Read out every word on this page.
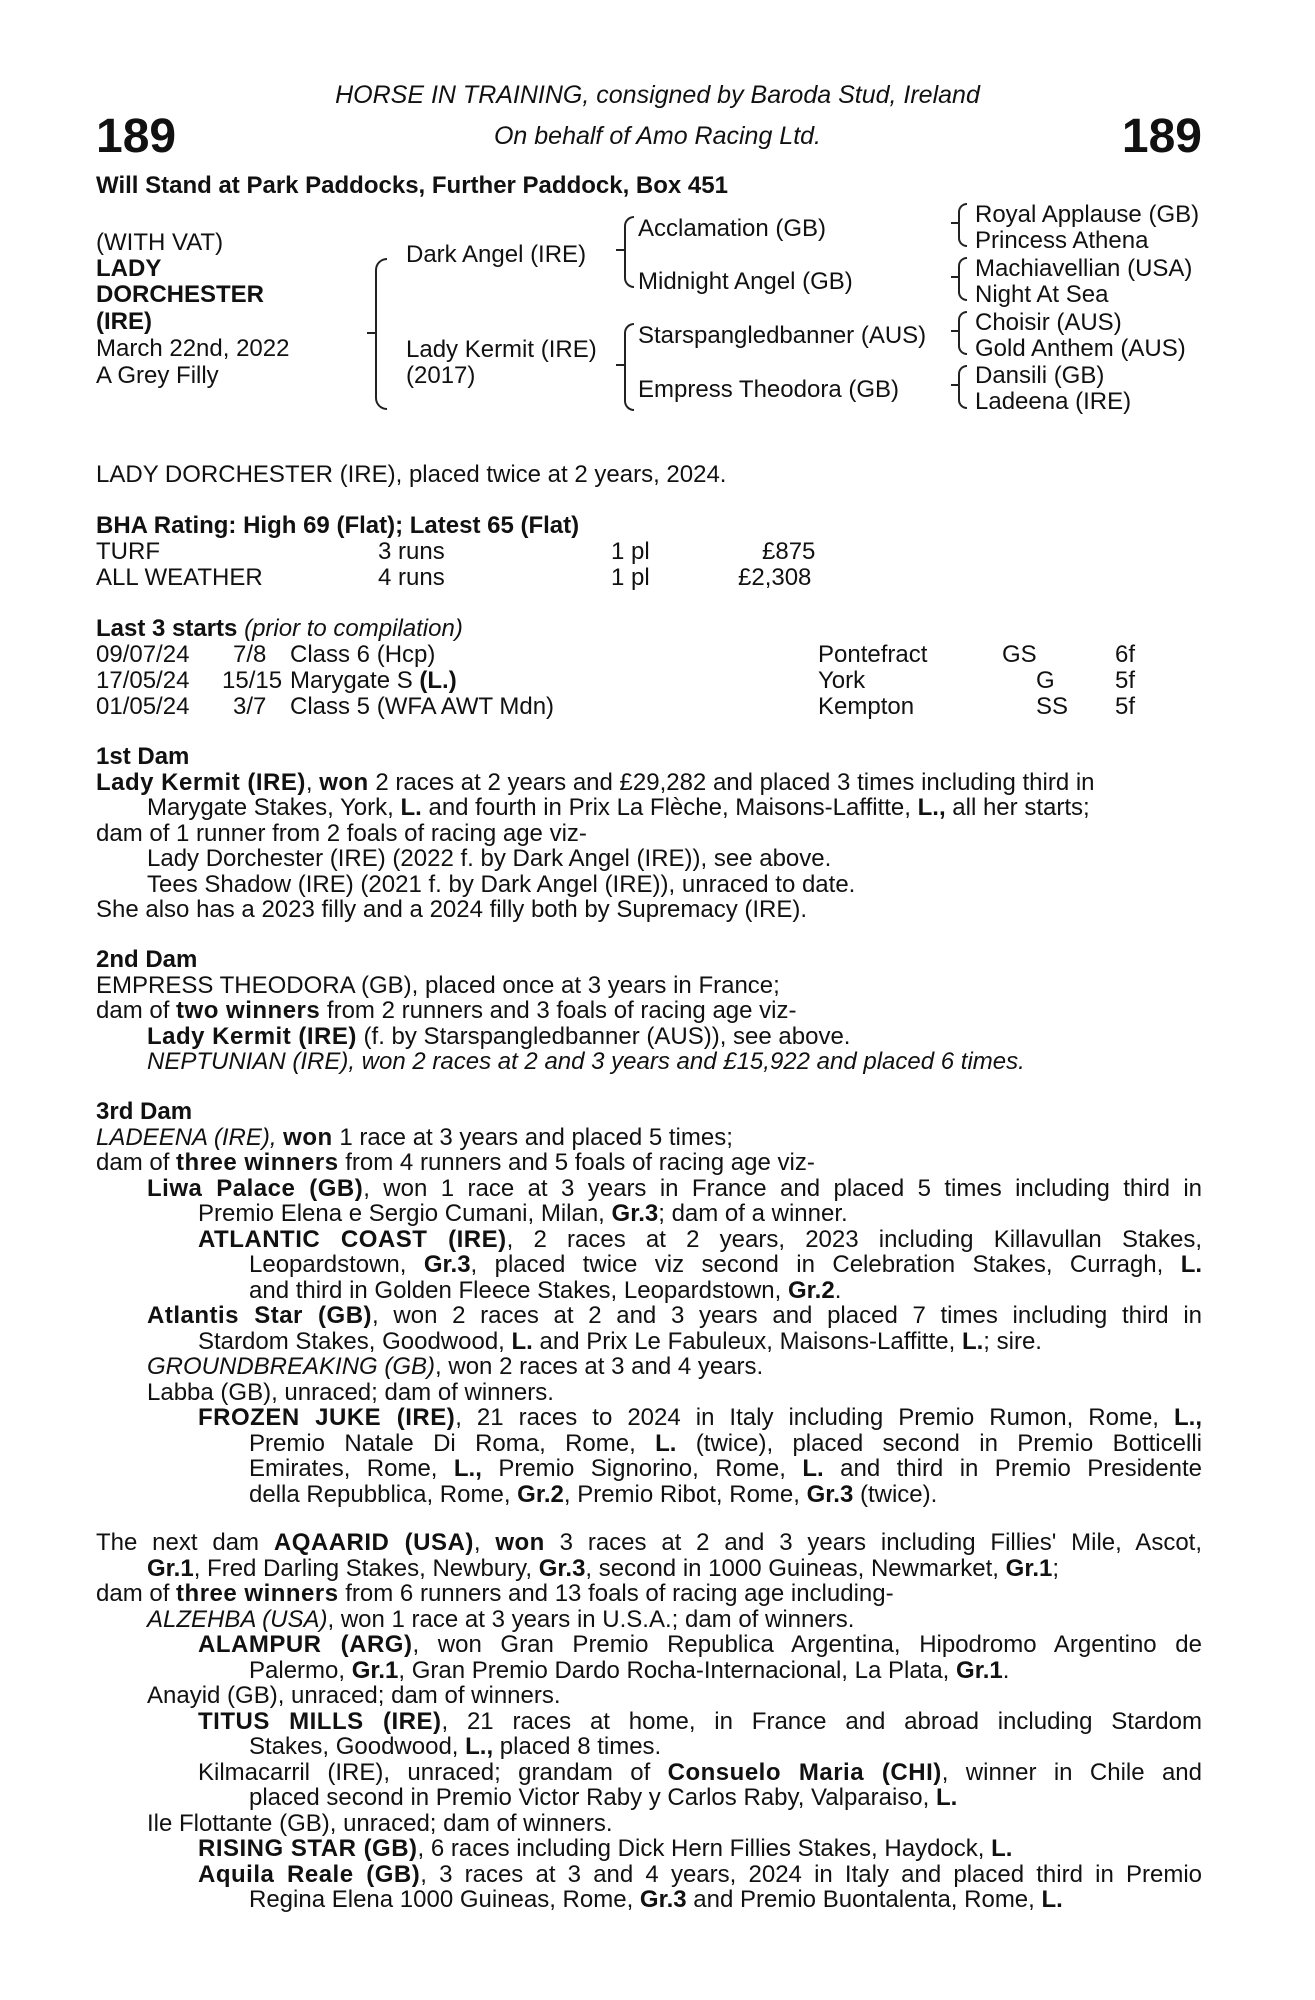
189	189
HORSE IN TRAINING, consigned by Baroda Stud, Ireland
On behalf of Amo Racing Ltd.
Will Stand at Park Paddocks, Further Paddock, Box 451
(WITH VAT)
LADY
DORCHESTER
(IRE)
March 22nd, 2022
A Grey Filly
Dark Angel (IRE)
Lady Kermit (IRE)
(2017)
Acclamation (GB)
Midnight Angel (GB)
Starspangledbanner (AUS)
Empress Theodora (GB)
Royal Applause (GB)
Princess Athena
Machiavellian (USA)
Night At Sea
Choisir (AUS)
Gold Anthem (AUS)
Dansili (GB)
Ladeena (IRE)
LADY DORCHESTER (IRE), placed twice at 2 years, 2024.
BHA Rating: High 69 (Flat); Latest 65 (Flat)
TURF	3 runs	1 pl	£875
ALL WEATHER	4 runs	1 pl	£2,308
Last 3 starts (prior to compilation)
09/07/24 7/8 Class 6 (Hcp)	Pontefract	GS	6f
17/05/24 15/15 Marygate S (L.)	York	G	5f
01/05/24 3/7 Class 5 (WFA AWT Mdn)	Kempton	SS 5f
1st Dam
Lady Kermit (IRE), won 2 races at 2 years and £29,282 and placed 3 times including third in
Marygate Stakes, York, L. and fourth in Prix La Flèche, Maisons-Laffitte, L., all her starts;
dam of 1 runner from 2 foals of racing age viz-
Lady Dorchester (IRE) (2022 f. by Dark Angel (IRE)), see above.
Tees Shadow (IRE) (2021 f. by Dark Angel (IRE)), unraced to date.
She also has a 2023 filly and a 2024 filly both by Supremacy (IRE).
2nd Dam
EMPRESS THEODORA (GB), placed once at 3 years in France;
dam of two winners from 2 runners and 3 foals of racing age viz-
Lady Kermit (IRE) (f. by Starspangledbanner (AUS)), see above.
NEPTUNIAN (IRE), won 2 races at 2 and 3 years and £15,922 and placed 6 times.
3rd Dam
LADEENA (IRE), won 1 race at 3 years and placed 5 times;
dam of three winners from 4 runners and 5 foals of racing age viz-
Liwa Palace (GB), won 1 race at 3 years in France and placed 5 times including third in
Premio Elena e Sergio Cumani, Milan, Gr.3; dam of a winner.
ATLANTIC COAST (IRE), 2 races at 2 years, 2023 including Killavullan Stakes,
Leopardstown, Gr.3, placed twice viz second in Celebration Stakes, Curragh, L.
and third in Golden Fleece Stakes, Leopardstown, Gr.2.
Atlantis Star (GB), won 2 races at 2 and 3 years and placed 7 times including third in
Stardom Stakes, Goodwood, L. and Prix Le Fabuleux, Maisons-Laffitte, L.; sire.
GROUNDBREAKING (GB), won 2 races at 3 and 4 years.
Labba (GB), unraced; dam of winners.
FROZEN JUKE (IRE), 21 races to 2024 in Italy including Premio Rumon, Rome, L.,
Premio Natale Di Roma, Rome, L. (twice), placed second in Premio Botticelli
Emirates, Rome, L., Premio Signorino, Rome, L. and third in Premio Presidente
della Repubblica, Rome, Gr.2, Premio Ribot, Rome, Gr.3 (twice).
The next dam AQAARID (USA), won 3 races at 2 and 3 years including Fillies' Mile, Ascot,
Gr.1, Fred Darling Stakes, Newbury, Gr.3, second in 1000 Guineas, Newmarket, Gr.1;
dam of three winners from 6 runners and 13 foals of racing age including-
ALZEHBA (USA), won 1 race at 3 years in U.S.A.; dam of winners.
ALAMPUR (ARG), won Gran Premio Republica Argentina, Hipodromo Argentino de
Palermo, Gr.1, Gran Premio Dardo Rocha-Internacional, La Plata, Gr.1.
Anayid (GB), unraced; dam of winners.
TITUS MILLS (IRE), 21 races at home, in France and abroad including Stardom
Stakes, Goodwood, L., placed 8 times.
Kilmacarril (IRE), unraced; grandam of Consuelo Maria (CHI), winner in Chile and
placed second in Premio Victor Raby y Carlos Raby, Valparaiso, L.
Ile Flottante (GB), unraced; dam of winners.
RISING STAR (GB), 6 races including Dick Hern Fillies Stakes, Haydock, L.
Aquila Reale (GB), 3 races at 3 and 4 years, 2024 in Italy and placed third in Premio
Regina Elena 1000 Guineas, Rome, Gr.3 and Premio Buontalenta, Rome, L.
